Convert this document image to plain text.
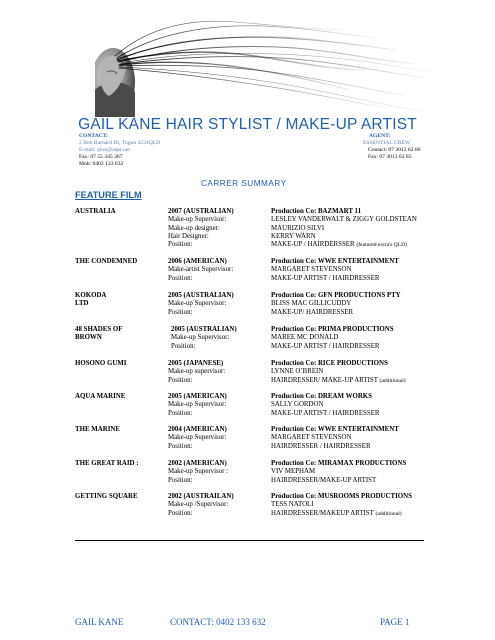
GAIL KANE HAIR STYLIST / MAKE-UP ARTIST
CONTACT:
2 Bob Barnard Dr, Tugun 4224QLD
E-mail: gkm@aapt.net
Fax: 07 55 345 367
Mob: 0402 133 632
AGENT:
ESSENTIAL CREW
Contact: 07 3013 62 86
Fax: 07 3013 62 85
CARRER SUMMARY
FEATURE FILM
AUSTRALIA	2007 (AUSTRALIAN)	Production Co: BAZMART 11
Make-up Supervisor:	LESLEY VANDERWALT & ZIGGY GOLDSTEAN
Make-up designer:	MAURIZIO SILVI
Hair Designer:	KERRY WARN
Position:	MAKE-UP / HAIRDERSSER (featured extra's QLD)
THE CONDEMNED	2006 (AMERICAN)	Production Co: WWE ENTERTAINMENT
Make-artist Supervisor:	MARGARET STEVENSON
Position:	MAKE-UP ARTIST / HAIRDRESSER
KOKODA LTD
2005 (AUSTRALIAN)	Production Co: GFN PRODUCTIONS PTY
Make-up Supervisor:	BLISS MAC GILLICUDDY
Position:	MAKE-UP/ HAIRDRESSER
48 SHADES OF BROWN
2005 (AUSTRALIAN)	Production Co: PRIMA PRODUCTIONS
Make-up Supervisor:	MAREE MC DONALD
Position:	MAKE-UP ARTIST / HAIRDRESSER
HOSONO GUMI	2005 (JAPANESE)	Production Co: RICE PRODUCTIONS
Make-up supervisor:	LYNNE O’BREIN
Position:	HAIRDRESSER/ MAKE-UP ARTIST (additional)
AQUA MARINE	2005 (AMERICAN)	Production Co: DREAM WORKS
Make-up Supervisor:	SALLY GORDON
Position:	MAKE-UP ARTIST / HAIRDRESSER
THE MARINE	2004 (AMERICAN)	Production Co: WWE ENTERTAINMENT
Make-up Supervisor:	MARGARET STEVENSON
Position:	HAIRDRESSER / HAIRDRESSER
THE GREAT RAID :	2002 (AMERICAN)	Production Co: MIRAMAX PRODUCTIONS
Make-up Supervisor :	VIV MEPHAM
Position:	HAIRDRESSER/MAKE-UP ARTIST
GETTING SQUARE	2002 (AUSTRAILAN)	Production Co: MUSROOMS PRODUCTIONS
Make-up /Supervisor:	TESS NATOLI
Position:	HAIRDRESSER/MAKEUP ARTIST (additional)
GAIL KANE	CONTACT: 0402 133 632	PAGE 1
